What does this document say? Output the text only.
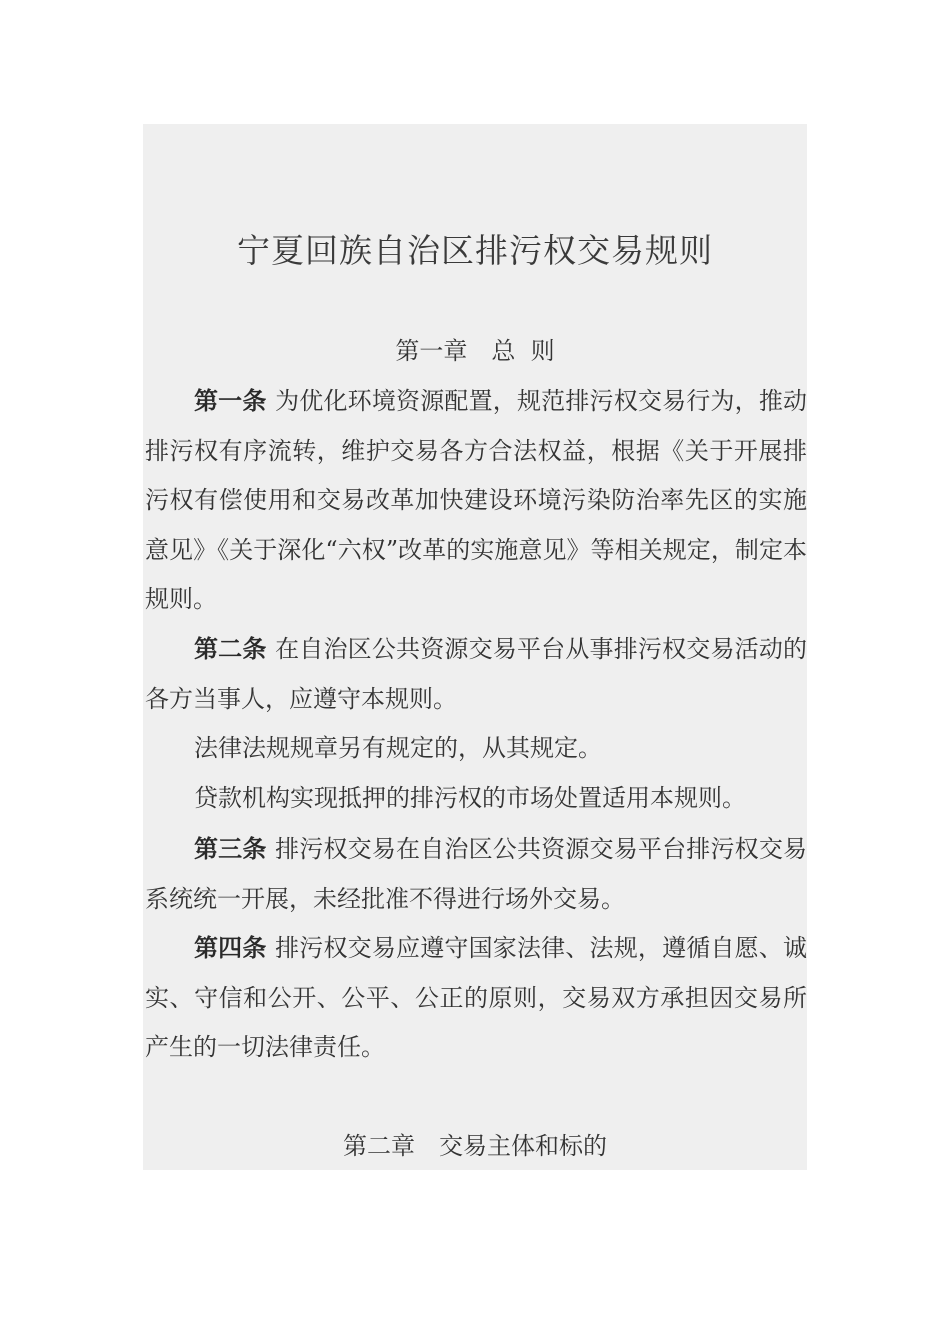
宁夏回族自治区排污权交易规则
第一章　总  则

第一条 为优化环境资源配置，规范排污权交易行为，推动排污权有序流转，维护交易各方合法权益，根据《关于开展排污权有偿使用和交易改革加快建设环境污染防治率先区的实施意见》《关于深化“六权”改革的实施意见》等相关规定，制定本规则。

第二条 在自治区公共资源交易平台从事排污权交易活动的各方当事人，应遵守本规则。

法律法规规章另有规定的，从其规定。

贷款机构实现抵押的排污权的市场处置适用本规则。

第三条 排污权交易在自治区公共资源交易平台排污权交易系统统一开展，未经批准不得进行场外交易。

第四条 排污权交易应遵守国家法律、法规，遵循自愿、诚实、守信和公开、公平、公正的原则，交易双方承担因交易所产生的一切法律责任。

第二章　交易主体和标的
